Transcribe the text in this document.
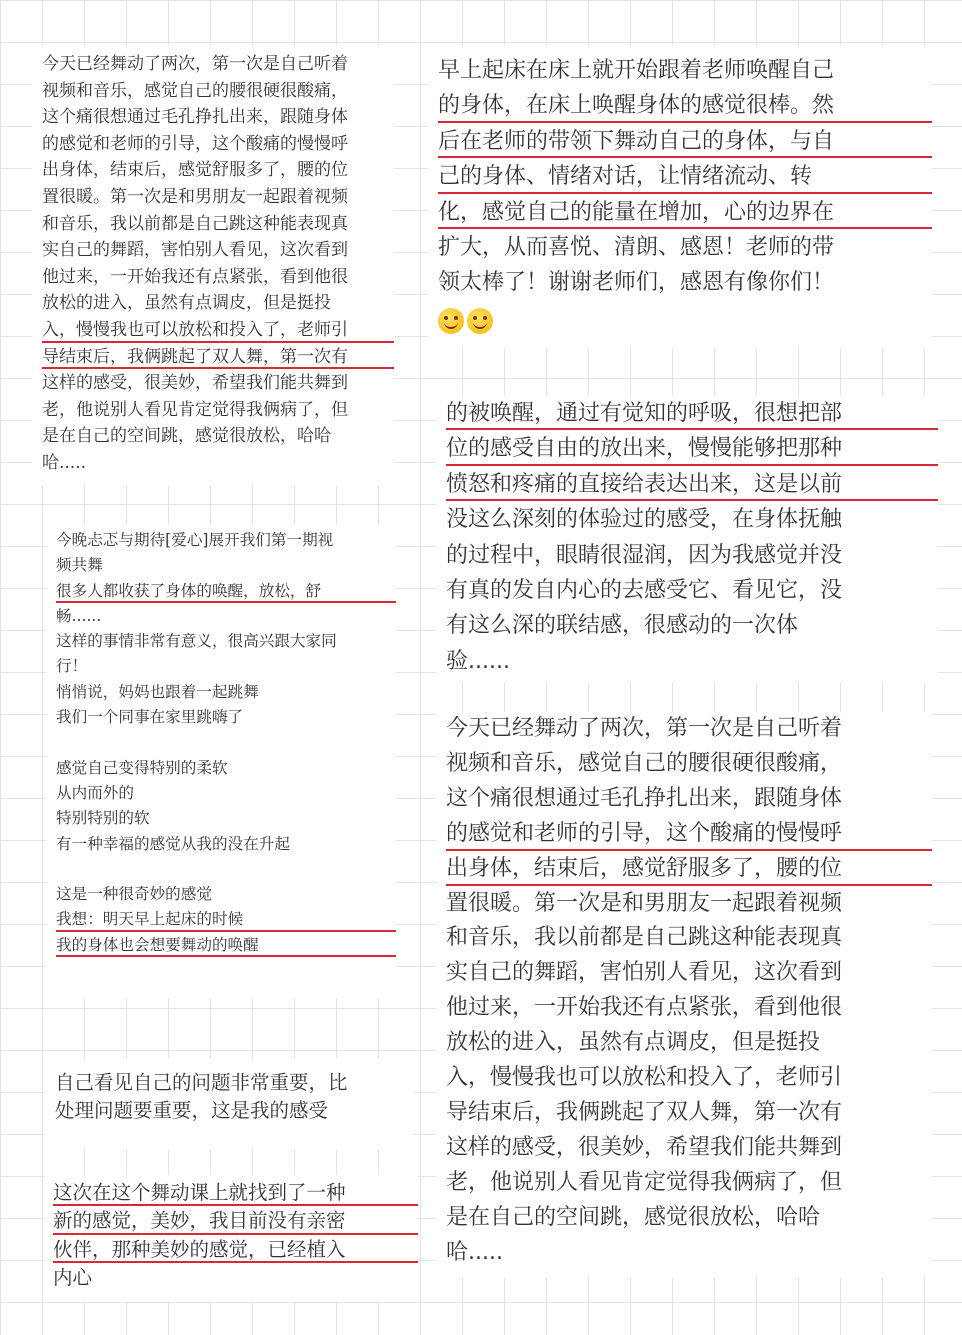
今天已经舞动了两次，第一次是自己听着
视频和音乐，感觉自己的腰很硬很酸痛，
这个痛很想通过毛孔挣扎出来，跟随身体
的感觉和老师的引导，这个酸痛的慢慢呼
出身体，结束后，感觉舒服多了，腰的位
置很暖。第一次是和男朋友一起跟着视频
和音乐，我以前都是自己跳这种能表现真
实自己的舞蹈，害怕别人看见，这次看到
他过来，一开始我还有点紧张，看到他很
放松的进入，虽然有点调皮，但是挺投
入，慢慢我也可以放松和投入了，老师引
导结束后，我俩跳起了双人舞，第一次有
这样的感受，很美妙，希望我们能共舞到
老，他说别人看见肯定觉得我俩病了，但
是在自己的空间跳，感觉很放松，哈哈
哈.....
今晚忐忑与期待[爱心]展开我们第一期视
频共舞
很多人都收获了身体的唤醒，放松，舒
畅......
这样的事情非常有意义，很高兴跟大家同
行！
悄悄说，妈妈也跟着一起跳舞
我们一个同事在家里跳嗨了

感觉自己变得特别的柔软
从内而外的
特别特别的软
有一种幸福的感觉从我的没在升起

这是一种很奇妙的感觉
我想：明天早上起床的时候
我的身体也会想要舞动的唤醒
自己看见自己的问题非常重要，比
处理问题要重要，这是我的感受
这次在这个舞动课上就找到了一种
新的感觉，美妙，我目前没有亲密
伙伴，那种美妙的感觉，已经植入
内心
早上起床在床上就开始跟着老师唤醒自己
的身体，在床上唤醒身体的感觉很棒。然
后在老师的带领下舞动自己的身体，与自
己的身体、情绪对话，让情绪流动、转
化，感觉自己的能量在增加，心的边界在
扩大，从而喜悦、清朗、感恩！老师的带
领太棒了！谢谢老师们，感恩有像你们！
的被唤醒，通过有觉知的呼吸，很想把部
位的感受自由的放出来，慢慢能够把那种
愤怒和疼痛的直接给表达出来，这是以前
没这么深刻的体验过的感受，在身体抚触
的过程中，眼睛很湿润，因为我感觉并没
有真的发自内心的去感受它、看见它，没
有这么深的联结感，很感动的一次体
验......
今天已经舞动了两次，第一次是自己听着
视频和音乐，感觉自己的腰很硬很酸痛，
这个痛很想通过毛孔挣扎出来，跟随身体
的感觉和老师的引导，这个酸痛的慢慢呼
出身体，结束后，感觉舒服多了，腰的位
置很暖。第一次是和男朋友一起跟着视频
和音乐，我以前都是自己跳这种能表现真
实自己的舞蹈，害怕别人看见，这次看到
他过来，一开始我还有点紧张，看到他很
放松的进入，虽然有点调皮，但是挺投
入，慢慢我也可以放松和投入了，老师引
导结束后，我俩跳起了双人舞，第一次有
这样的感受，很美妙，希望我们能共舞到
老，他说别人看见肯定觉得我俩病了，但
是在自己的空间跳，感觉很放松，哈哈
哈.....
